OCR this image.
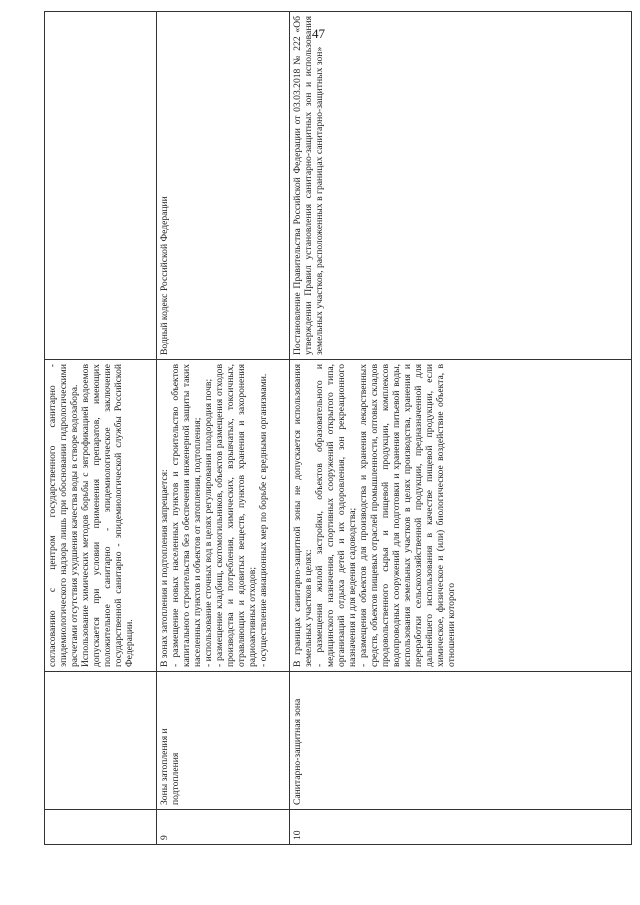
47
согласованию с центром государственного санитарно - эпидемиологического надзора лишь при обосновании гидрологическими расчетами отсутствия ухудшения качества воды в створе водозабора. Использование химических методов борьбы с эвтрофикацией водоемов допускается при условии применения препаратов, имеющих положительное санитарно - эпидемиологическое заключение государственной санитарно - эпидемиологической службы Российской Федерации.
9
Зоны затопления и подтопления
В зонах затопления и подтопления запрещается: - размещение новых населенных пунктов и строительство объектов капитального строительства без обеспечения инженерной защиты таких населенных пунктов и объектов от затопления, подтопления; - использование сточных вод в целях регулирования плодородия почв; - размещение кладбищ, скотомогильников, объектов размещения отходов производства и потребления, химических, взрывчатых, токсичных, отравляющих и ядовитых веществ, пунктов хранения и захоронения радиоактивных отходов; - осуществление авиационных мер по борьбе с вредными организмами.
Водный кодекс Российской Федерации
10
Санитарно-защитная зона
В границах санитарно-защитной зоны не допускается использования земельных участков в целях: - размещения жилой застройки, объектов образовательного и медицинского назначения, спортивных сооружений открытого типа, организаций отдыха детей и их оздоровления, зон рекреационного назначения и для ведения садоводства; - размещения объектов для производства и хранения лекарственных средств, объектов пищевых отраслей промышленности, оптовых складов продовольственного сырья и пищевой продукции, комплексов водопроводных сооружений для подготовки и хранения питьевой воды, использования земельных участков в целях производства, хранения и переработки сельскохозяйственной продукции, предназначенной для дальнейшего использования в качестве пищевой продукции, если химическое, физическое и (или) биологическое воздействие объекта, в отношении которого
Постановление Правительства Российской Федерации от 03.03.2018 № 222 «Об утверждении Правил установления санитарно-защитных зон и использования земельных участков, расположенных в границах санитарно-защитных зон»
